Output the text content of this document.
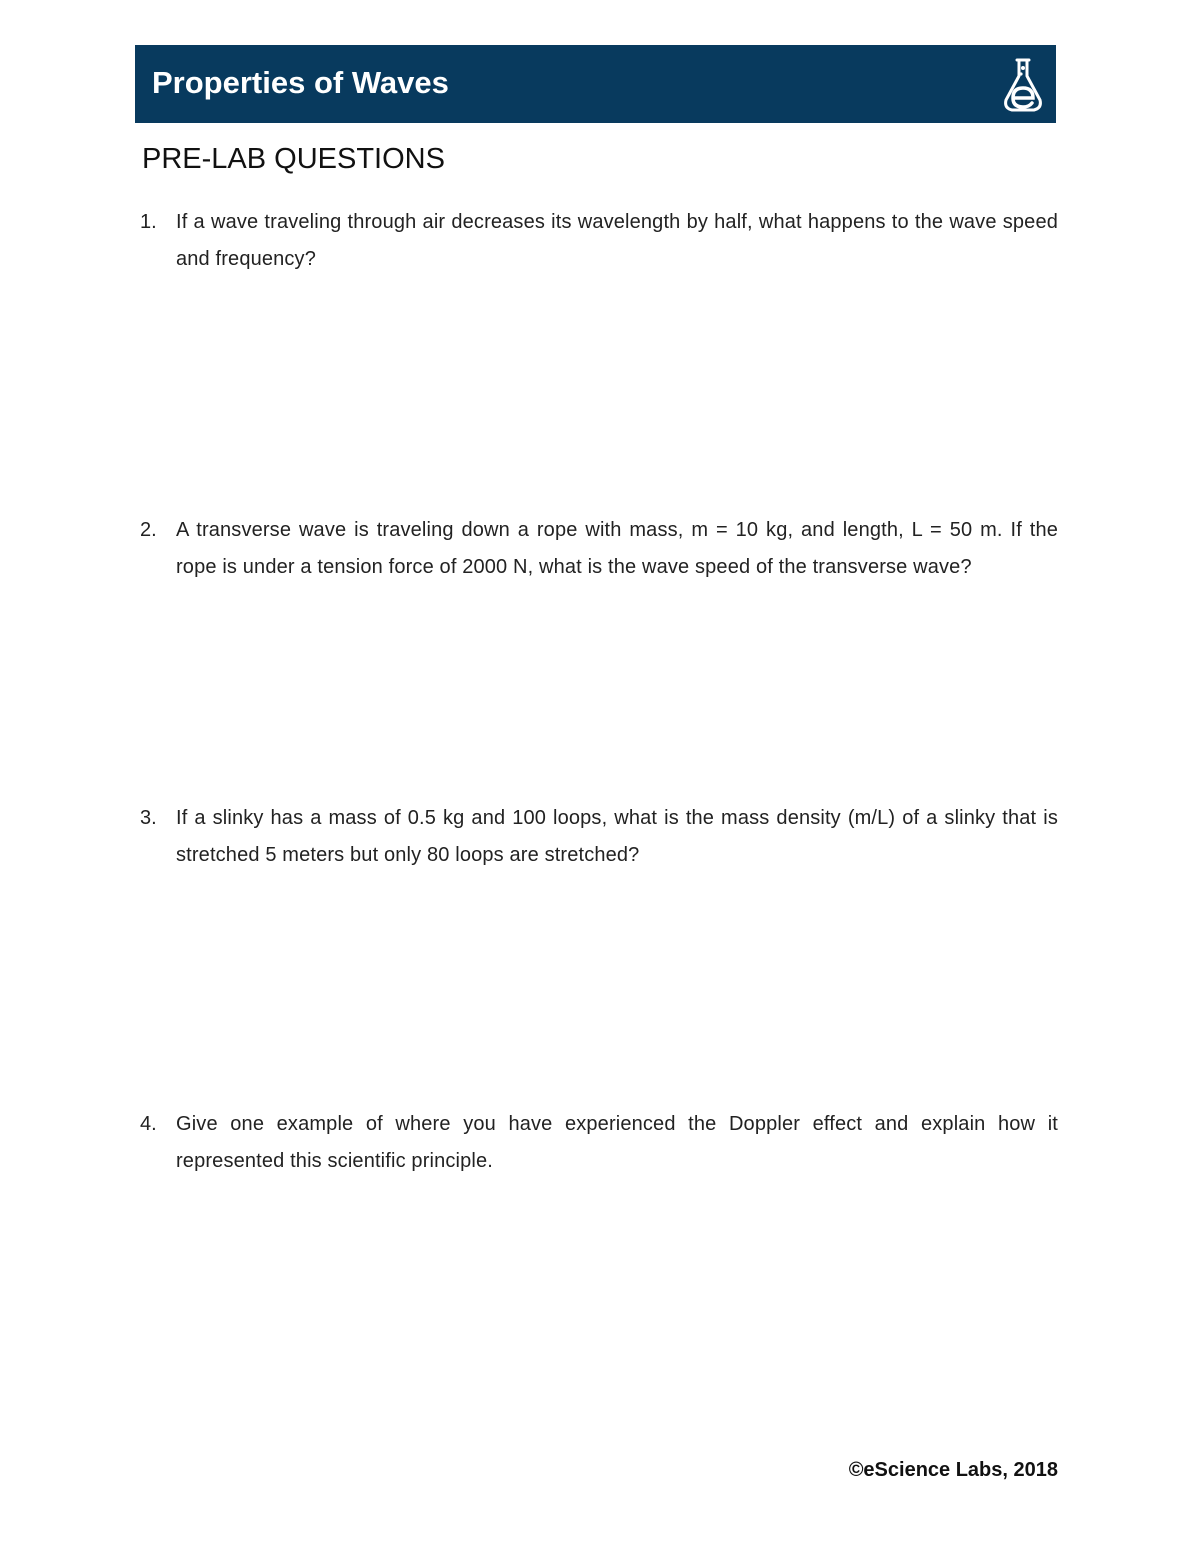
Properties of Waves
PRE-LAB QUESTIONS
1. If a wave traveling through air decreases its wavelength by half, what happens to the wave speed and frequency?
2. A transverse wave is traveling down a rope with mass, m = 10 kg, and length, L = 50 m. If the rope is under a tension force of 2000 N, what is the wave speed of the transverse wave?
3. If a slinky has a mass of 0.5 kg and 100 loops, what is the mass density (m/L) of a slinky that is stretched 5 meters but only 80 loops are stretched?
4. Give one example of where you have experienced the Doppler effect and explain how it represented this scientific principle.
©eScience Labs, 2018
